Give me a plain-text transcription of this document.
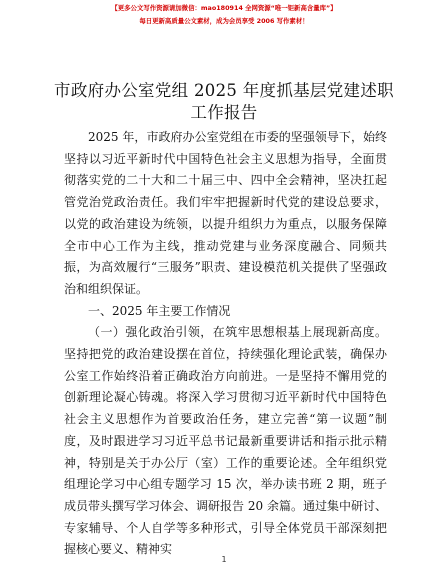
【更多公文写作资源请加微信：mao180914 全网资源“唯一钜新高含量库”】
每日更新高质量公文素材，成为会员享受 2006 写作素材！
市政府办公室党组 2025 年度抓基层党建述职工作报告

2025 年，市政府办公室党组在市委的坚强领导下，始终坚持以习近平新时代中国特色社会主义思想为指导，全面贯彻落实党的二十大和二十届三中、四中全会精神，坚决扛起管党治党政治责任。我们牢牢把握新时代党的建设总要求，以党的政治建设为统领，以提升组织力为重点，以服务保障全市中心工作为主线，推动党建与业务深度融合、同频共振，为高效履行“三服务”职责、建设模范机关提供了坚强政治和组织保证。

一、2025 年主要工作情况

（一）强化政治引领，在筑牢思想根基上展现新高度。坚持把党的政治建设摆在首位，持续强化理论武装，确保办公室工作始终沿着正确政治方向前进。一是坚持不懈用党的创新理论凝心铸魂。将深入学习贯彻习近平新时代中国特色社会主义思想作为首要政治任务，建立完善“第一议题”制度，及时跟进学习习近平总书记最新重要讲话和指示批示精神，特别是关于办公厅（室）工作的重要论述。全年组织党组理论学习中心组专题学习 15 次，举办读书班 2 期，班子成员带头撰写学习体会、调研报告 20 余篇。通过集中研讨、专家辅导、个人自学等多种形式，引导全体党员干部深刻把握核心要义、精神实

1
